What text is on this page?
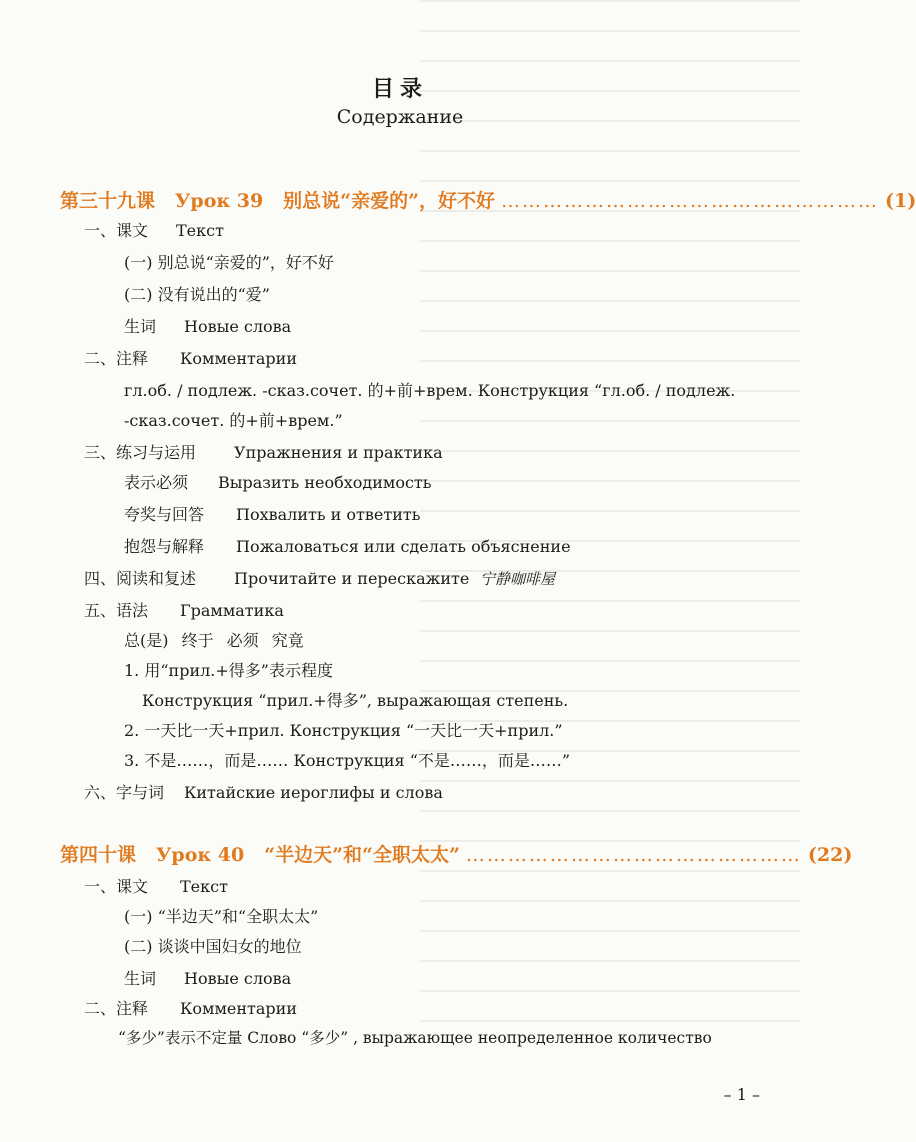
目录
Содержание
第三十九课 Урок 39 别总说“亲爱的”，好不好 ……………………………………………… (1)
一、课文 Текст
(一) 别总说“亲爱的”，好不好
(二) 没有说出的“爱”
生词 Новые слова
二、注释 Комментарии
гл.об. / подлеж. -сказ.сочет. 的+前+врем. Конструкция “гл.об. / подлеж.
-сказ.сочет. 的+前+врем.”
三、练习与运用 Упражнения и практика
表示必须 Выразить необходимость
夸奖与回答 Похвалить и ответить
抱怨与解释 Пожаловаться или сделать объяснение
四、阅读和复述 Прочитайте и перескажите 宁静咖啡屋
五、语法 Грамматика
总(是) 终于 必须 究竟
1. 用“прил.+得多”表示程度
Конструкция “прил.+得多”, выражающая степень.
2. 一天比一天+прил. Конструкция “一天比一天+прил.”
3. 不是……，而是…… Конструкция “不是……，而是……”
六、字与词 Китайские иероглифы и слова
第四十课 Урок 40 “半边天”和“全职太太” ………………………………………… (22)
一、课文 Текст
(一) “半边天”和“全职太太”
(二) 谈谈中国妇女的地位
生词 Новые слова
二、注释 Комментарии
“多少”表示不定量 Слово “多少” , выражающее неопределенное количество
– 1 –
